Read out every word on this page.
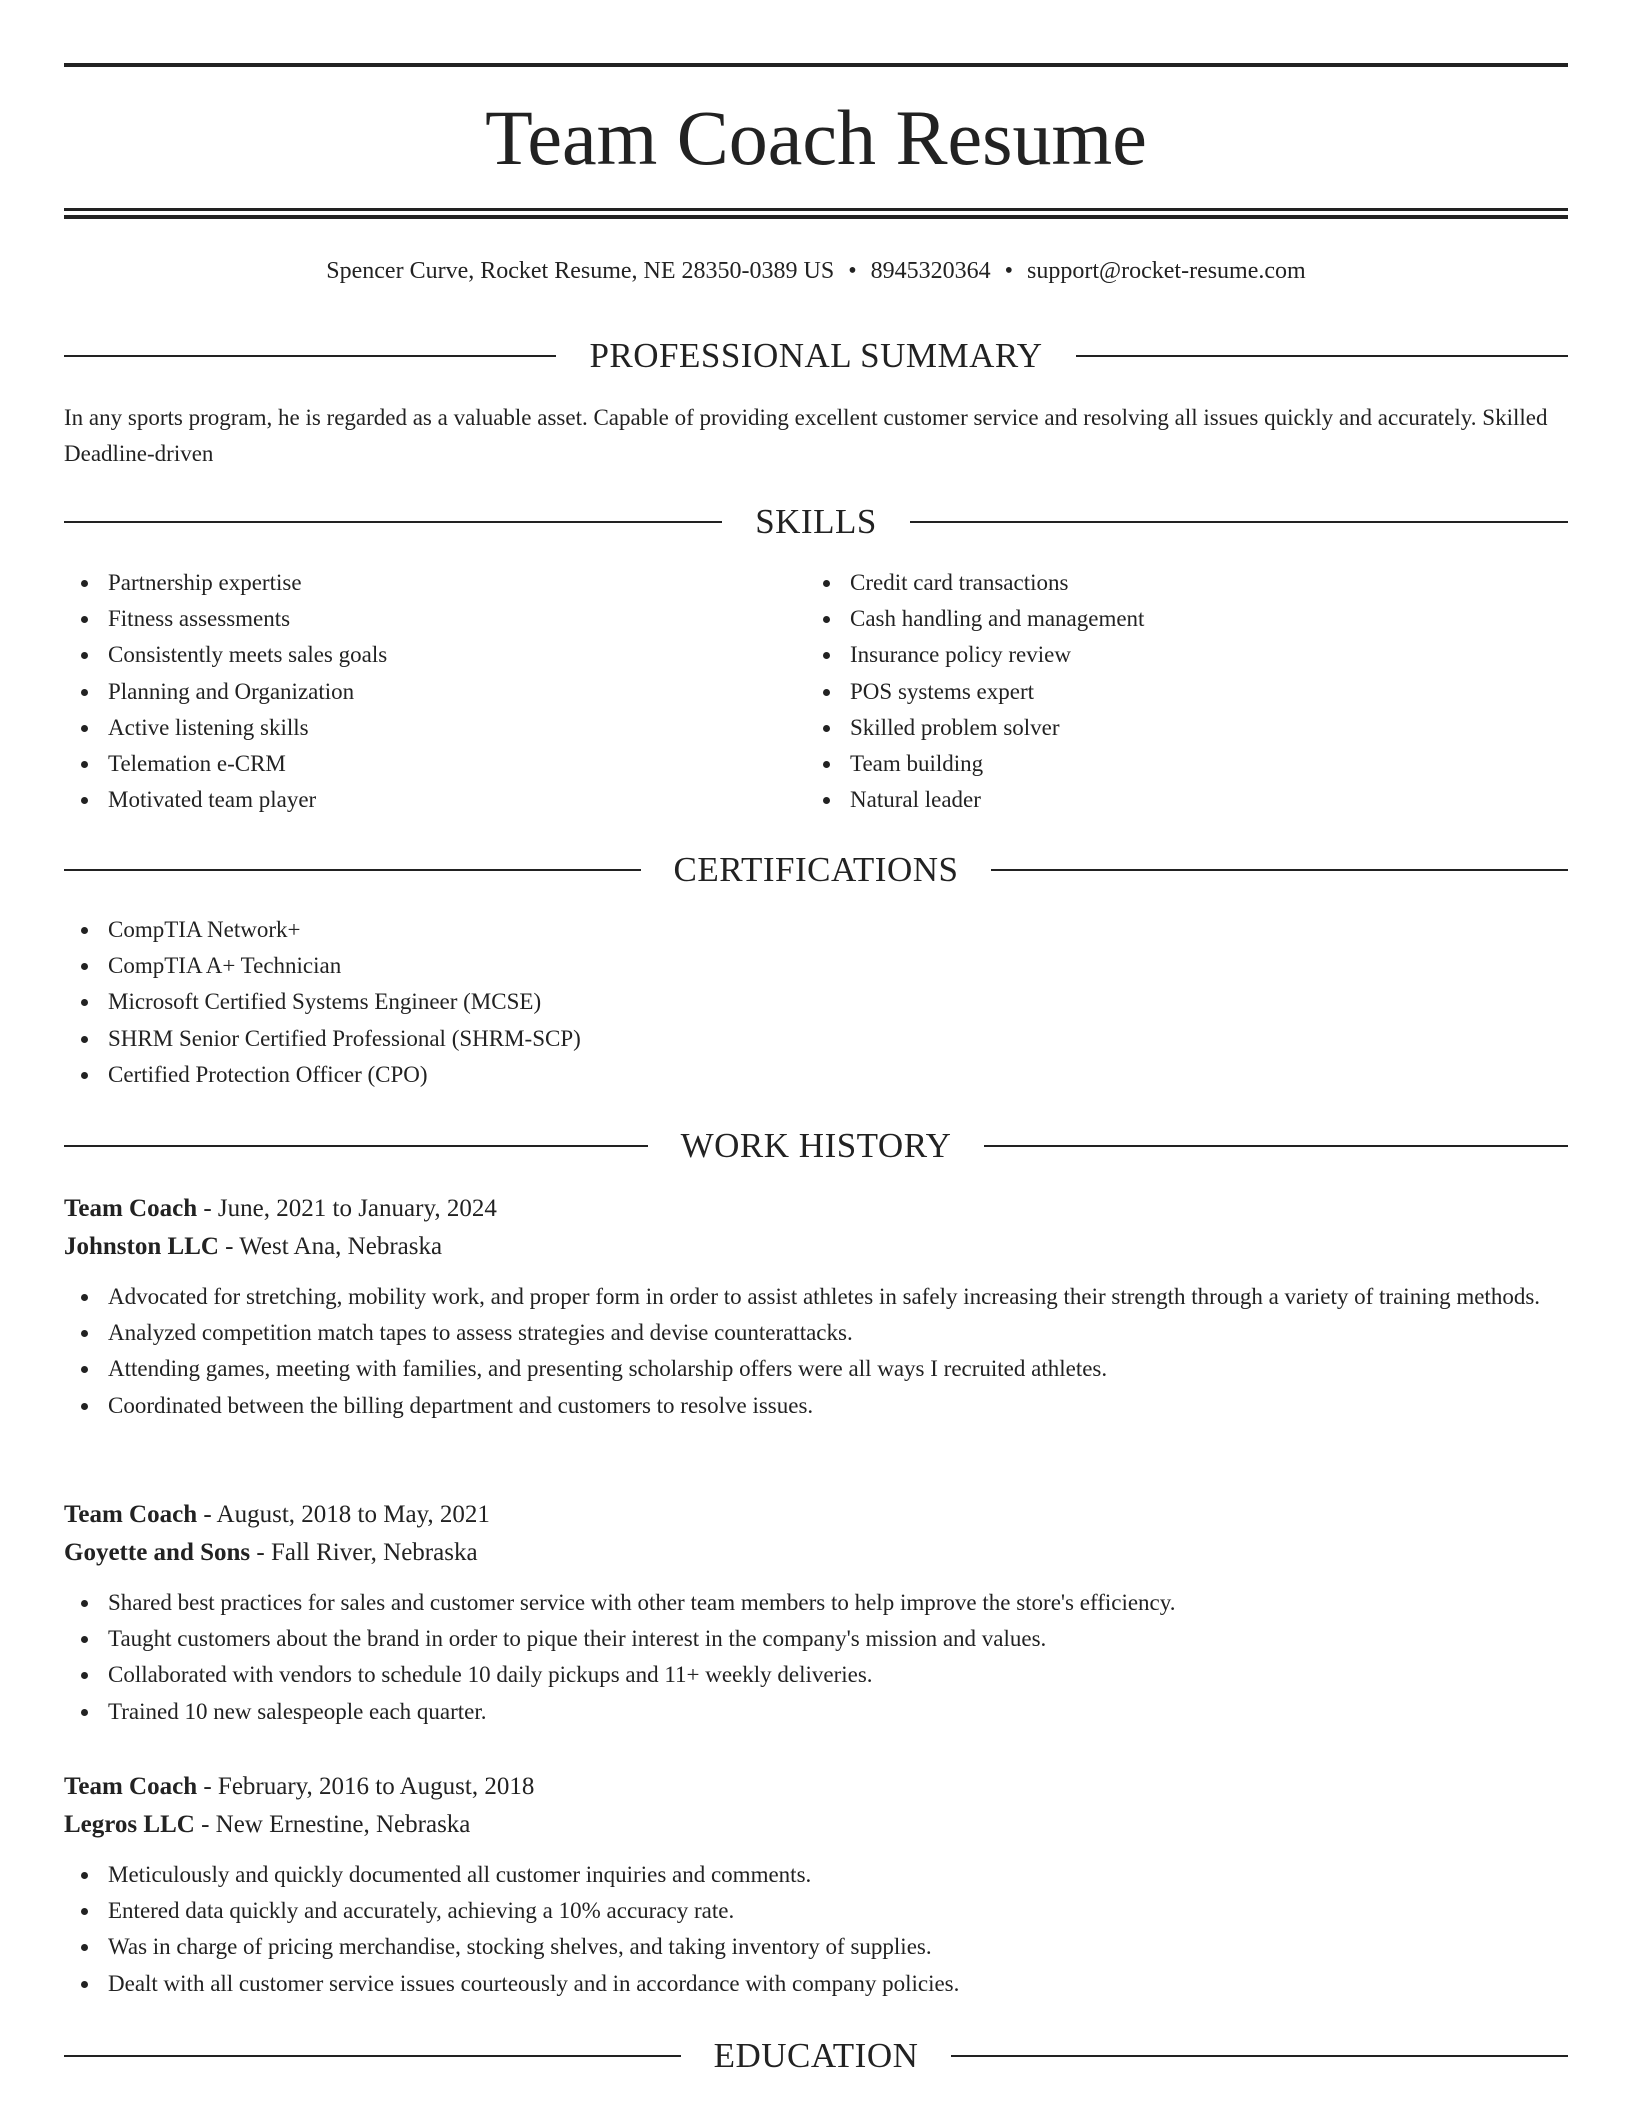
Team Coach Resume
Spencer Curve, Rocket Resume, NE 28350-0389 US • 8945320364 • support@rocket-resume.com
PROFESSIONAL SUMMARY

In any sports program, he is regarded as a valuable asset. Capable of providing excellent customer service and resolving all issues quickly and accurately. Skilled Deadline-driven

SKILLS
Partnership expertise
Fitness assessments
Consistently meets sales goals
Planning and Organization
Active listening skills
Telemation e-CRM
Motivated team player
Credit card transactions
Cash handling and management
Insurance policy review
POS systems expert
Skilled problem solver
Team building
Natural leader
CERTIFICATIONS
CompTIA Network+
CompTIA A+ Technician
Microsoft Certified Systems Engineer (MCSE)
SHRM Senior Certified Professional (SHRM-SCP)
Certified Protection Officer (CPO)
WORK HISTORY
Team Coach - June, 2021 to January, 2024
Johnston LLC - West Ana, Nebraska
Advocated for stretching, mobility work, and proper form in order to assist athletes in safely increasing their strength through a variety of training methods.
Analyzed competition match tapes to assess strategies and devise counterattacks.
Attending games, meeting with families, and presenting scholarship offers were all ways I recruited athletes.
Coordinated between the billing department and customers to resolve issues.
Team Coach - August, 2018 to May, 2021
Goyette and Sons - Fall River, Nebraska
Shared best practices for sales and customer service with other team members to help improve the store's efficiency.
Taught customers about the brand in order to pique their interest in the company's mission and values.
Collaborated with vendors to schedule 10 daily pickups and 11+ weekly deliveries.
Trained 10 new salespeople each quarter.
Team Coach - February, 2016 to August, 2018
Legros LLC - New Ernestine, Nebraska
Meticulously and quickly documented all customer inquiries and comments.
Entered data quickly and accurately, achieving a 10% accuracy rate.
Was in charge of pricing merchandise, stocking shelves, and taking inventory of supplies.
Dealt with all customer service issues courteously and in accordance with company policies.
EDUCATION
